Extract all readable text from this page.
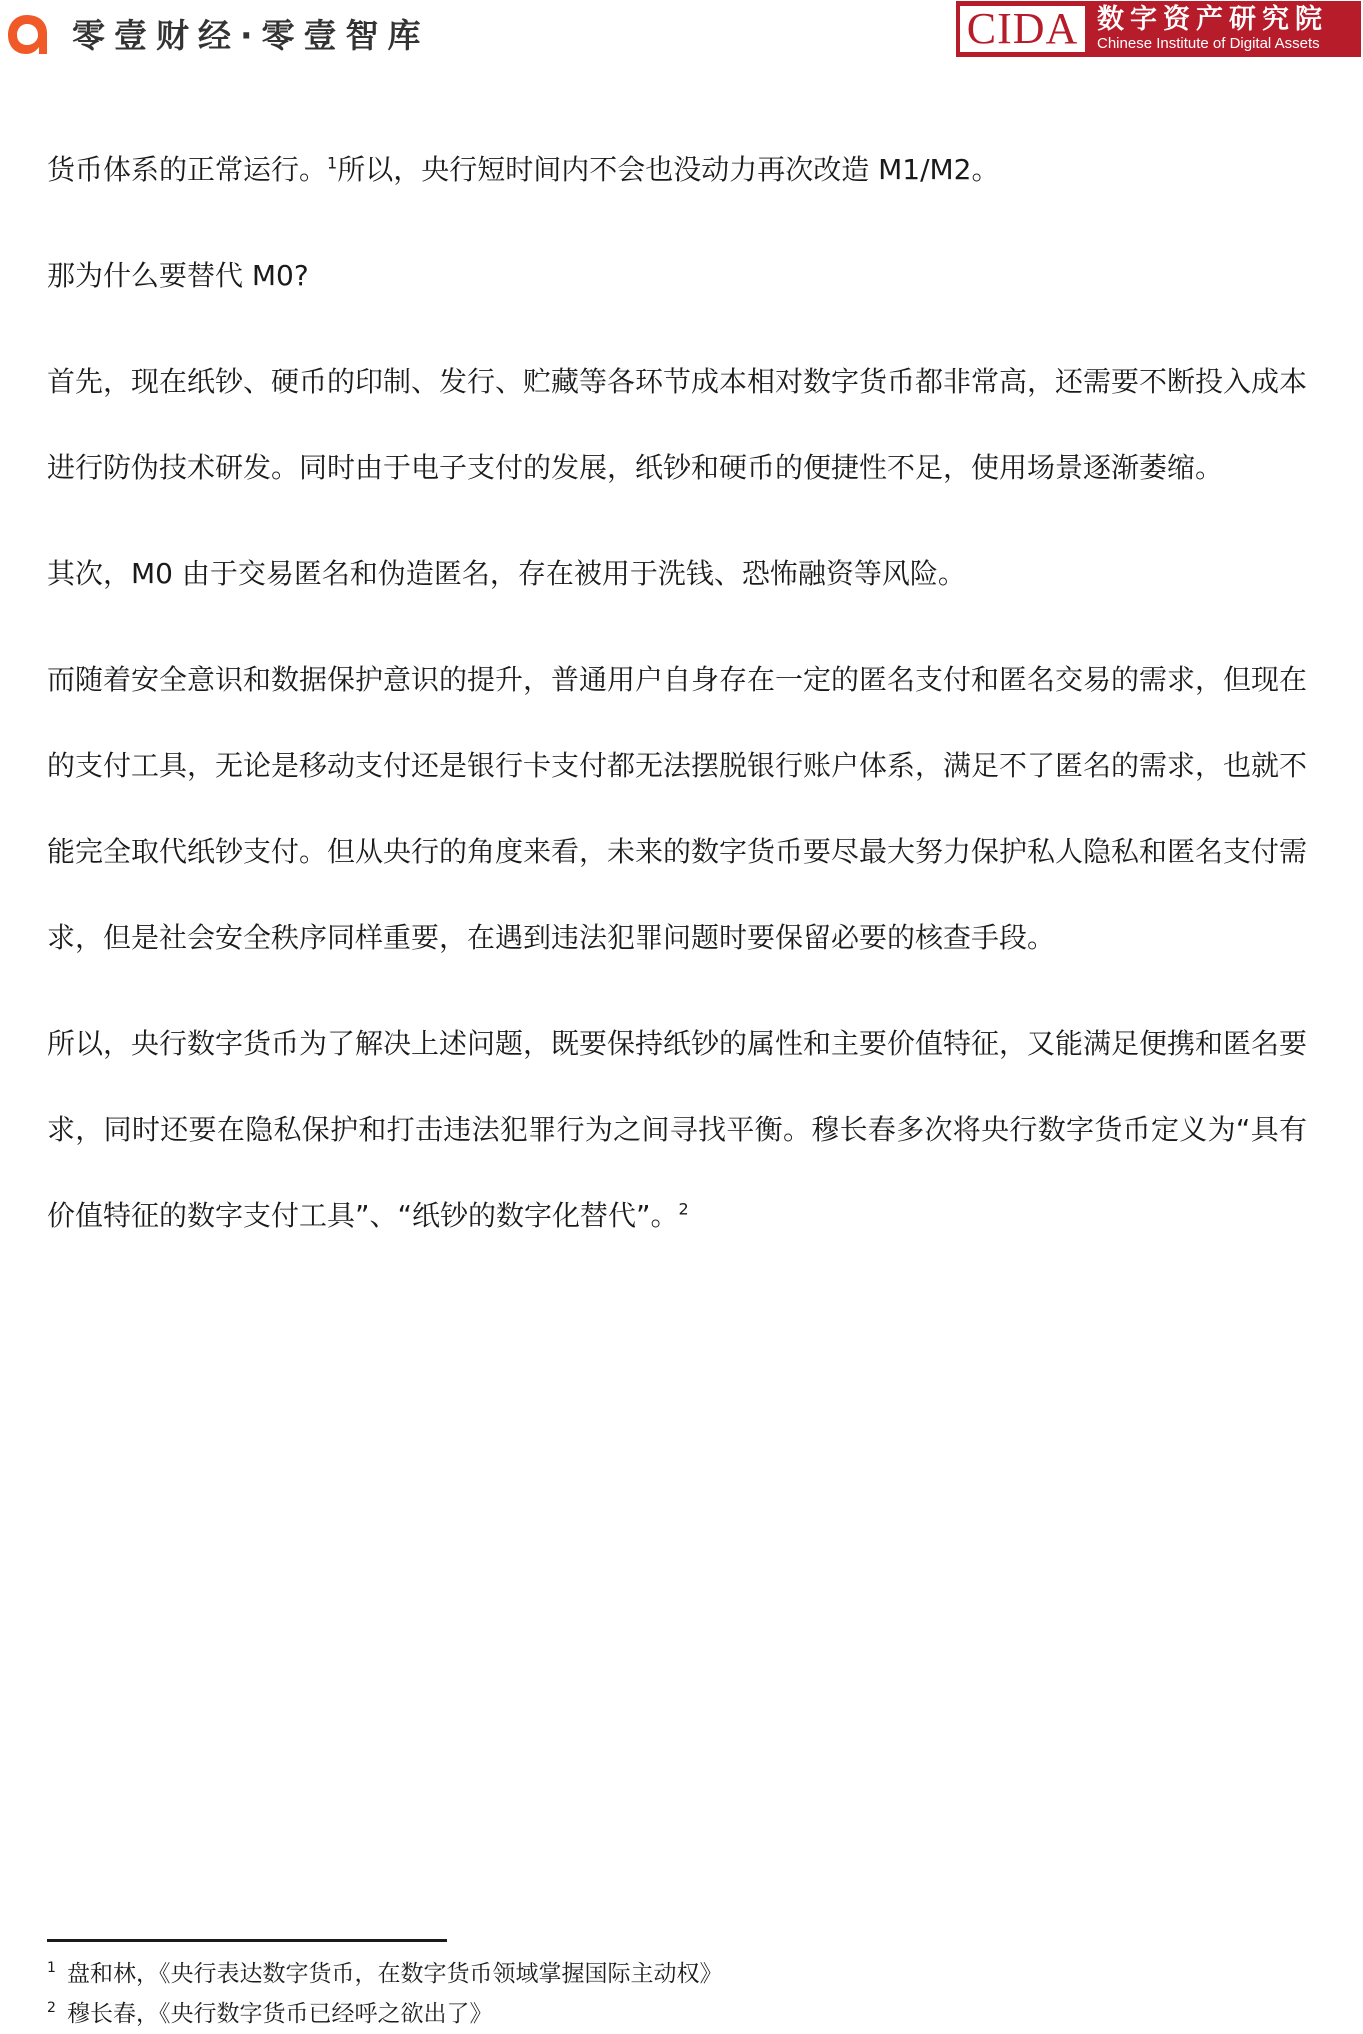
零壹财经·零壹智库	CIDA 数字资产研究院
Chinese Institute of Digital Assets

货币体系的正常运行。$^1$所以，央行短时间内不会也没动力再次改造 M1/M2。

那为什么要替代 M0?

首先，现在纸钞、硬币的印制、发行、贮藏等各环节成本相对数字货币都非常高，还需要不断投入成本进行防伪技术研发。同时由于电子支付的发展，纸钞和硬币的便捷性不足，使用场景逐渐萎缩。

其次，M0 由于交易匿名和伪造匿名，存在被用于洗钱、恐怖融资等风险。

而随着安全意识和数据保护意识的提升，普通用户自身存在一定的匿名支付和匿名交易的需求，但现在的支付工具，无论是移动支付还是银行卡支付都无法摆脱银行账户体系，满足不了匿名的需求，也就不能完全取代纸钞支付。但从央行的角度来看，未来的数字货币要尽最大努力保护私人隐私和匿名支付需求，但是社会安全秩序同样重要，在遇到违法犯罪问题时要保留必要的核查手段。

所以，央行数字货币为了解决上述问题，既要保持纸钞的属性和主要价值特征，又能满足便携和匿名要求，同时还要在隐私保护和打击违法犯罪行为之间寻找平衡。穆长春多次将央行数字货币定义为“具有价值特征的数字支付工具”、“纸钞的数字化替代”。$^2$

1 盘和林，《央行表达数字货币，在数字货币领域掌握国际主动权》
2 穆长春，《央行数字货币已经呼之欲出了》
